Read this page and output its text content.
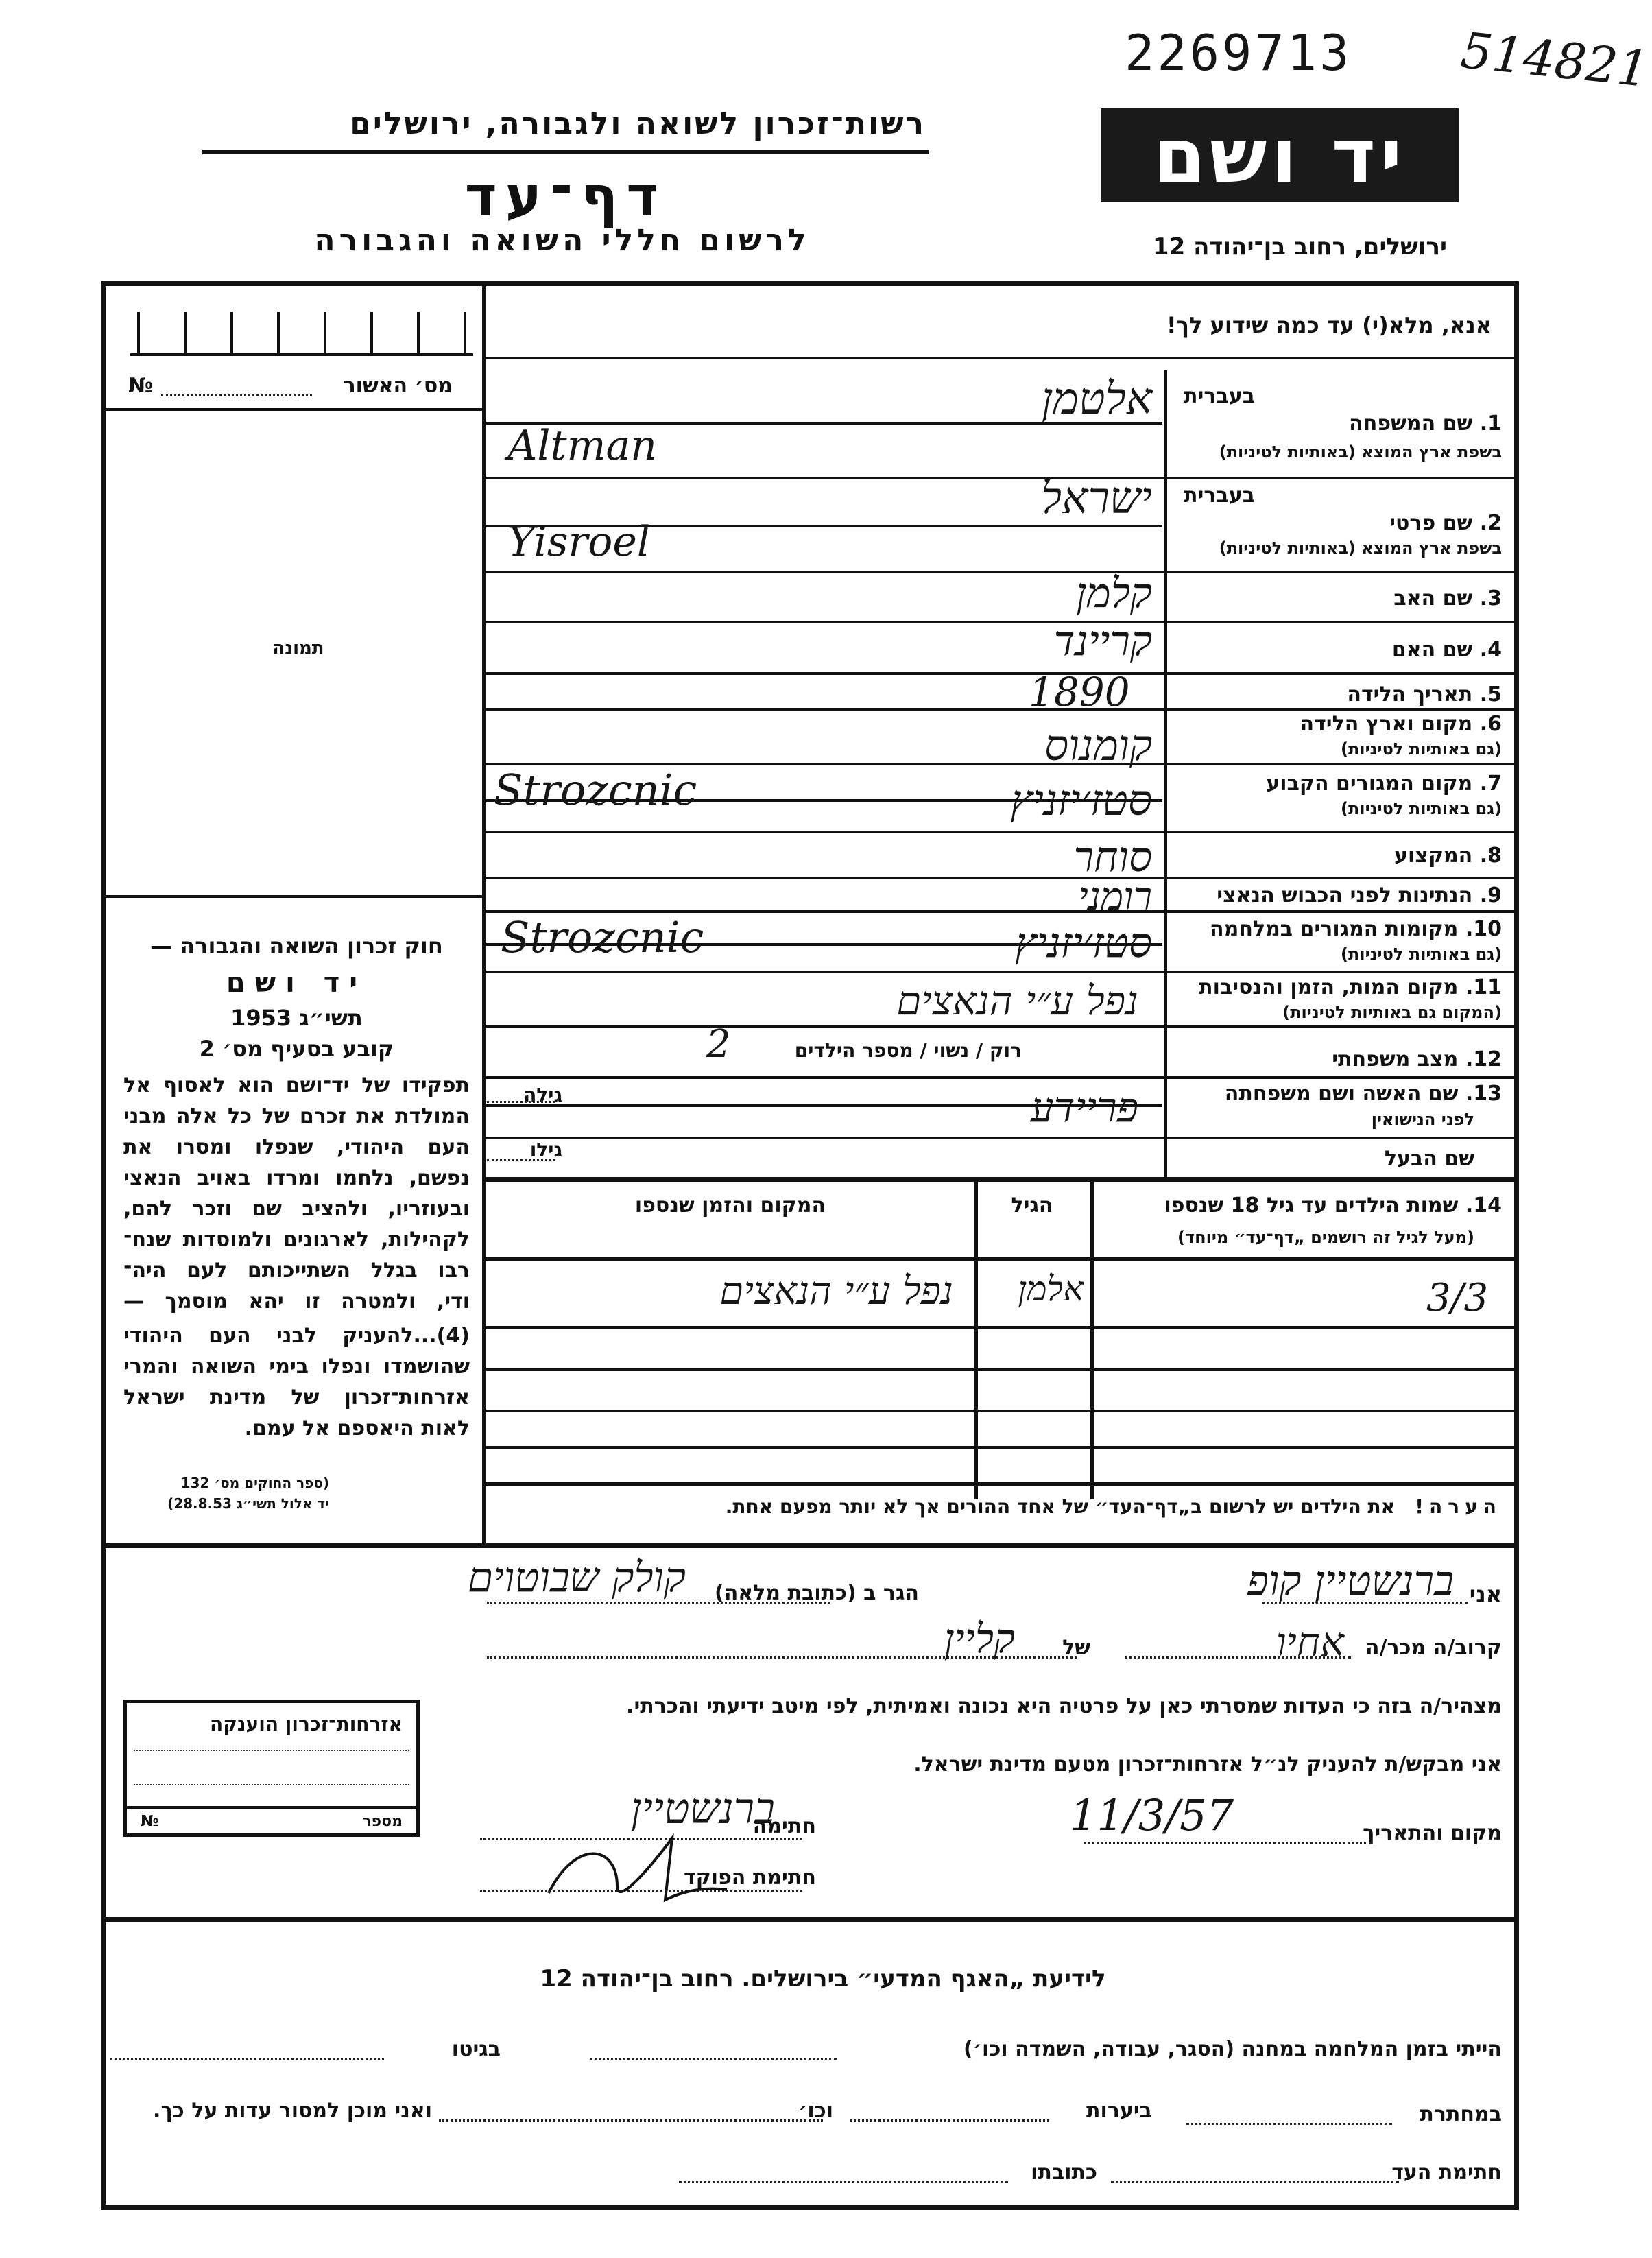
2269713 514821
רשות־זכרון לשואה ולגבורה, ירושלים
דף־עד
לרשום חללי השואה והגבורה
יד ושם
ירושלים, רחוב בן־יהודה 12
№	מס׳ האשור
תמונה
חוק זכרון השואה והגבורה —
יד ושם
תשי״ג 1953
קובע בסעיף מס׳ 2
תפקידו של יד־ושם הוא לאסוף אל
המולדת את זכרם של כל אלה מבני
העם היהודי, שנפלו ומסרו את
נפשם, נלחמו ומרדו באויב הנאצי
ובעוזריו, ולהציב שם וזכר להם,
לקהילות, לארגונים ולמוסדות שנח־
רבו בגלל השתייכותם לעם היה־
ודי, ולמטרה זו יהא מוסמך —
(4)...להעניק לבני העם היהודי
שהושמדו ונפלו בימי השואה והמרי
אזרחות־זכרון של מדינת ישראל
לאות היאספם אל עמם.
(ספר החוקים מס׳ 132
יד אלול תשי״ג 28.8.53)
אנא, מלא(י) עד כמה שידוע לך!
בעברית
1. שם המשפחה
בשפת ארץ המוצא (באותיות לטיניות)
בעברית
2. שם פרטי
בשפת ארץ המוצא (באותיות לטיניות)
3. שם האב
4. שם האם
5. תאריך הלידה
6. מקום וארץ הלידה
(גם באותיות לטיניות)
7. מקום המגורים הקבוע
(גם באותיות לטיניות)
8. המקצוע
9. הנתינות לפני הכבוש הנאצי
10. מקומות המגורים במלחמה
(גם באותיות לטיניות)
11. מקום המות, הזמן והנסיבות
(המקום גם באותיות לטיניות)
12. מצב משפחתי
13. שם האשה ושם משפחתה
לפני הנישואין
שם הבעל
אלטמן
Altman
ישראל
Yisroel
קלמן
קריינד
1890
קומנוס
סטז׳יזניץ
Strozcnic
סוחר
רומני
סטז׳יזניץ
Strozcnic
נפל ע״י הנאצים
רוק / נשוי / מספר הילדים
2
פריידע
גילה
גילו
14. שמות הילדים עד גיל 18 שנספו
(מעל לגיל זה רושמים „דף־עד״ מיוחד)
הגיל
המקום והזמן שנספו
3/3
אלמן
נפל ע״י הנאצים
הערה!   את הילדים יש לרשום ב„דף־העד״ של אחד ההורים אך לא יותר מפעם אחת.
אני
ברנשטיין קופ
הגר ב (כתובת מלאה)
קולק שבוטוים
קרוב/ה מכר/ה
אחיו
של
קליין
מצהיר/ה בזה כי העדות שמסרתי כאן על פרטיה היא נכונה ואמיתית, לפי מיטב ידיעתי והכרתי.
אני מבקש/ת להעניק לנ״ל אזרחות־זכרון מטעם מדינת ישראל.
מקום והתאריך
11/3/57
חתימה
ברנשטיין
חתימת הפוקד
אזרחות־זכרון הוענקה
№	מספר
לידיעת „האגף המדעי״ בירושלים. רחוב בן־יהודה 12
הייתי בזמן המלחמה במחנה (הסגר, עבודה, השמדה וכו׳)
בגיטו
במחתרת
ביערות
וכו׳
ואני מוכן למסור עדות על כך.
חתימת העד
כתובתו
